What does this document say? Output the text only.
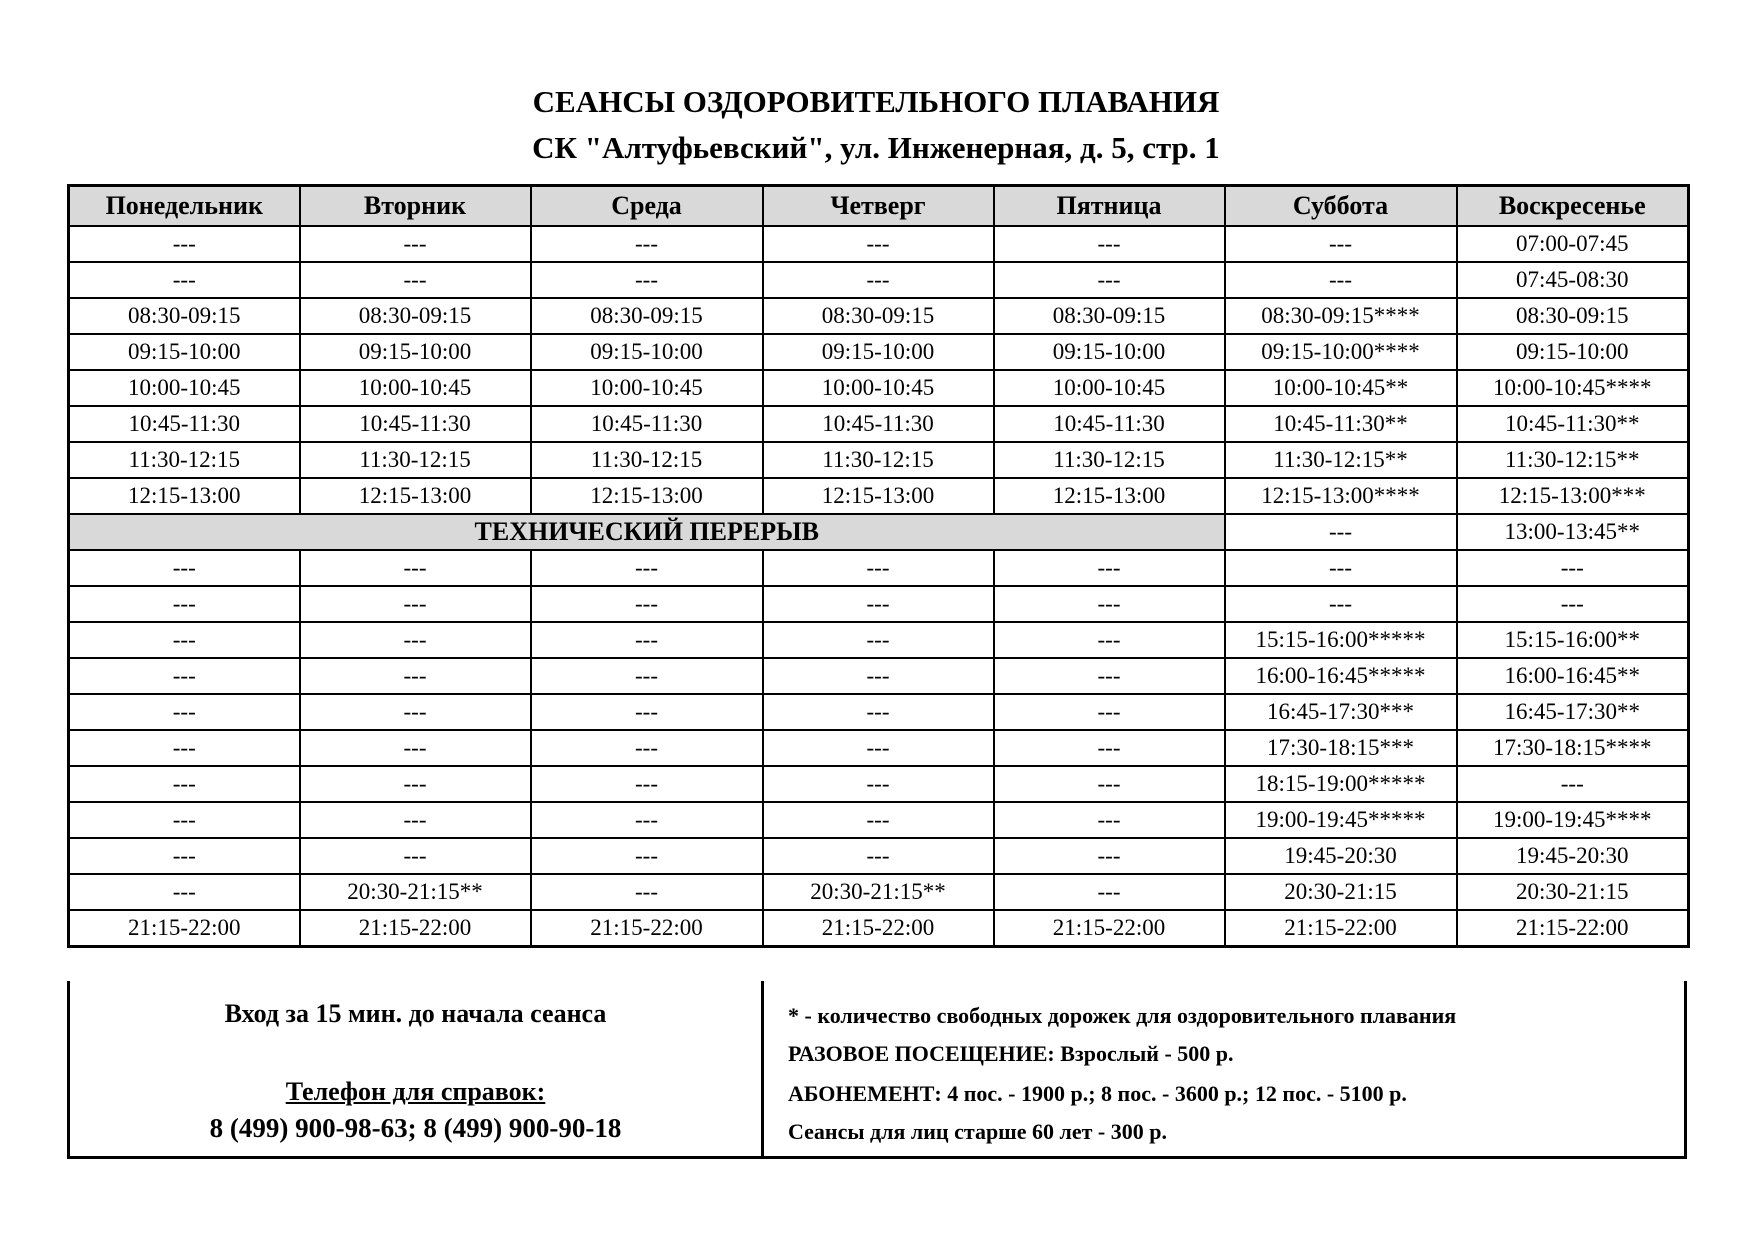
СЕАНСЫ ОЗДОРОВИТЕЛЬНОГО ПЛАВАНИЯ
СК "Алтуфьевский", ул. Инженерная, д. 5, стр. 1
Понедельник	Вторник	Среда	Четверг	Пятница	Суббота	Воскресенье
---	---	---	---	---	---	07:00-07:45
---	---	---	---	---	---	07:45-08:30
08:30-09:15	08:30-09:15	08:30-09:15	08:30-09:15	08:30-09:15	08:30-09:15****	08:30-09:15
09:15-10:00	09:15-10:00	09:15-10:00	09:15-10:00	09:15-10:00	09:15-10:00****	09:15-10:00
10:00-10:45	10:00-10:45	10:00-10:45	10:00-10:45	10:00-10:45	10:00-10:45**	10:00-10:45****
10:45-11:30	10:45-11:30	10:45-11:30	10:45-11:30	10:45-11:30	10:45-11:30**	10:45-11:30**
11:30-12:15	11:30-12:15	11:30-12:15	11:30-12:15	11:30-12:15	11:30-12:15**	11:30-12:15**
12:15-13:00	12:15-13:00	12:15-13:00	12:15-13:00	12:15-13:00	12:15-13:00****	12:15-13:00***
ТЕХНИЧЕСКИЙ ПЕРЕРЫВ					---	13:00-13:45**
---	---	---	---	---	---	---
---	---	---	---	---	---	---
---	---	---	---	---	15:15-16:00*****	15:15-16:00**
---	---	---	---	---	16:00-16:45*****	16:00-16:45**
---	---	---	---	---	16:45-17:30***	16:45-17:30**
---	---	---	---	---	17:30-18:15***	17:30-18:15****
---	---	---	---	---	18:15-19:00*****	---
---	---	---	---	---	19:00-19:45*****	19:00-19:45****
---	---	---	---	---	19:45-20:30	19:45-20:30
---	20:30-21:15**	---	20:30-21:15**	---	20:30-21:15	20:30-21:15
21:15-22:00	21:15-22:00	21:15-22:00	21:15-22:00	21:15-22:00	21:15-22:00	21:15-22:00
Вход за 15 мин. до начала сеанса
Телефон для справок:
8 (499) 900-98-63; 8 (499) 900-90-18
* - количество свободных дорожек для оздоровительного плавания
РАЗОВОЕ ПОСЕЩЕНИЕ: Взрослый - 500 р.
АБОНЕМЕНТ: 4 пос. - 1900 р.; 8 пос. - 3600 р.; 12 пос. - 5100 р.
Сеансы для лиц старше 60 лет - 300 р.
